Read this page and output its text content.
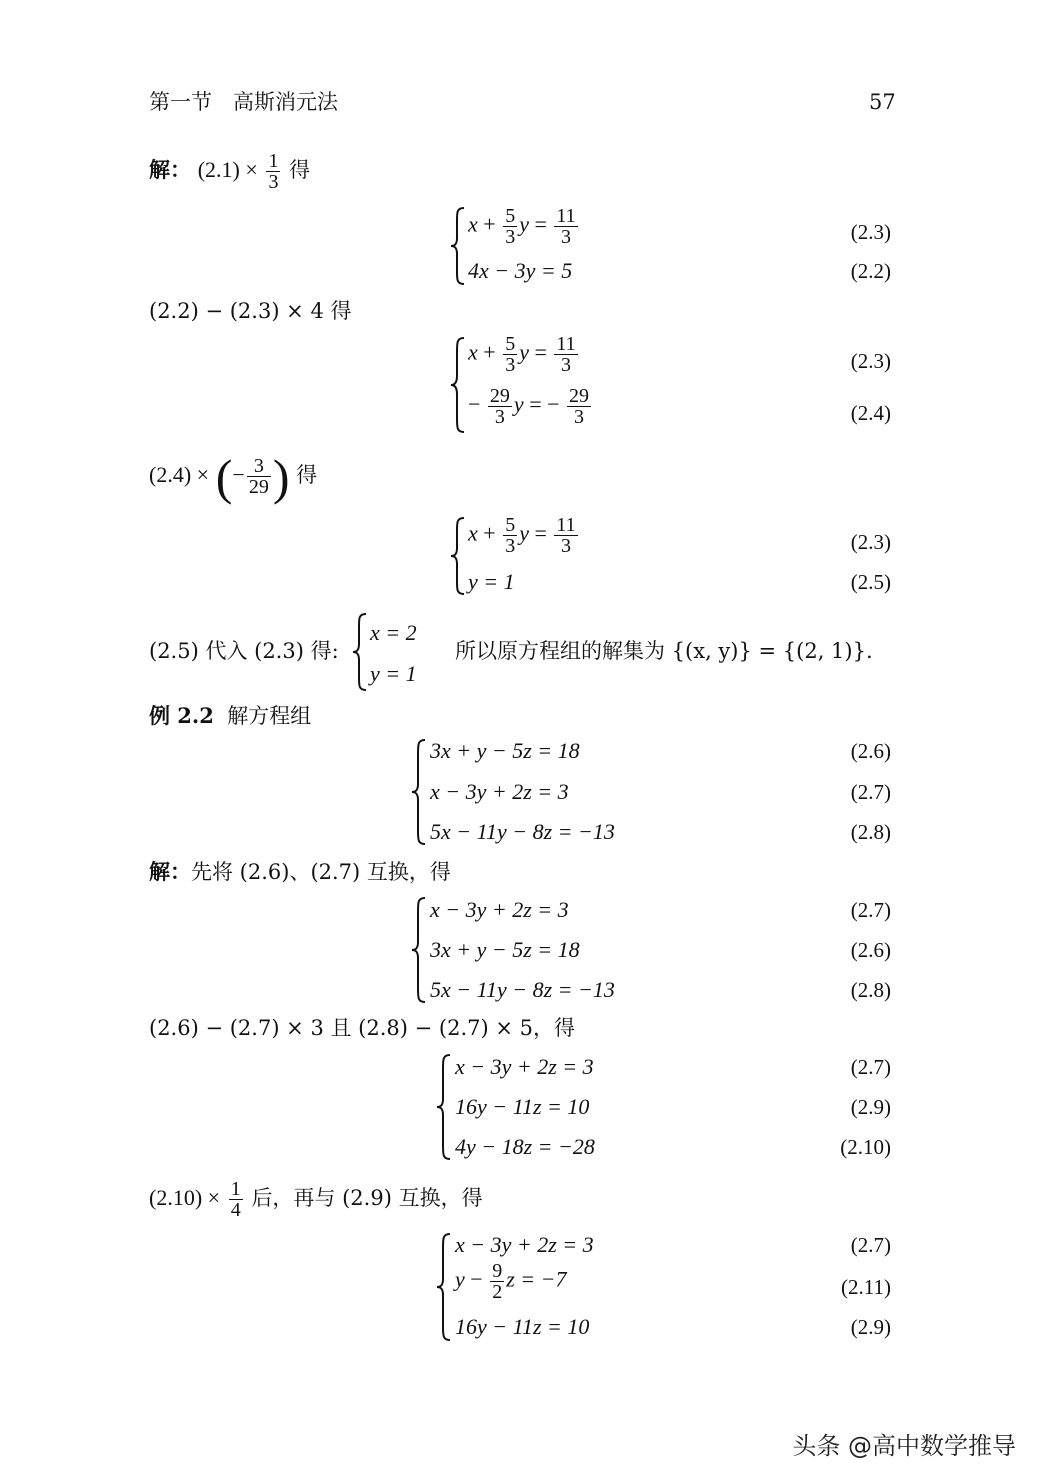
第一节　高斯消元法	57
解： $(2.1) \times \frac{1}{3}$ 得
$x + \frac{5}{3}$ $y = \frac{11}{3}$	(2.3)
4x − 3y = 5	(2.2)
(2.2) − (2.3) × 4 得
$x + \frac{5}{3}$ $y = \frac{11}{3}$	(2.3)
− $\frac{29}{3}$ y = − $\frac{29}{3}$	(2.4)
(2.4) × (− $\frac{3}{29}$ ) 得
$x + \frac{5}{3}$ $y = \frac{11}{3}$	(2.3)
y = 1	(2.5)
(2.5) 代入 (2.3) 得:
x = 2
y = 1
所以原方程组的解集为 {(x, y)} = {(2, 1)}.
例 2.2 解方程组
3x + y − 5z = 18	(2.6)
x − 3y + 2z = 3	(2.7)
5x − 11y − 8z = −13	(2.8)
解：先将 (2.6)、(2.7) 互换，得
x − 3y + 2z = 3	(2.7)
3x + y − 5z = 18	(2.6)
5x − 11y − 8z = −13	(2.8)
(2.6) − (2.7) × 3 且 (2.8) − (2.7) × 5，得
x − 3y + 2z = 3	(2.7)
16y − 11z = 10	(2.9)
4y − 18z = −28	(2.10)
$(2.10) \times \frac{1}{4}$ 后，再与 (2.9) 互换，得
x − 3y + 2z = 3	(2.7)
$y - \frac{9}{2}$ z = −7	(2.11)
16y − 11z = 10	(2.9)
头条 @高中数学推导
